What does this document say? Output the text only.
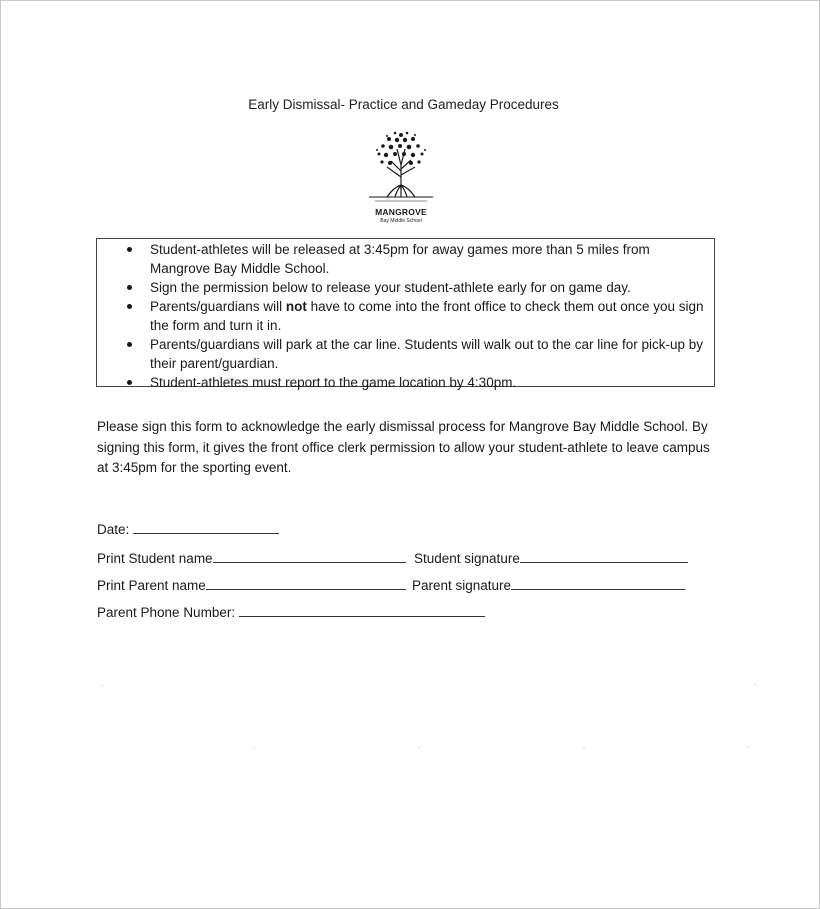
Early Dismissal- Practice and Gameday Procedures
MANGROVE
Bay Middle School
Student-athletes will be released at 3:45pm for away games more than 5 miles from Mangrove Bay Middle School.
Sign the permission below to release your student-athlete early for on game day.
Parents/guardians will not have to come into the front office to check them out once you sign the form and turn it in.
Parents/guardians will park at the car line. Students will walk out to the car line for pick-up by their parent/guardian.
Student-athletes must report to the game location by 4:30pm.
Please sign this form to acknowledge the early dismissal process for Mangrove Bay Middle School. By signing this form, it gives the front office clerk permission to allow your student-athlete to leave campus at 3:45pm for the sporting event.
Date:
Print Student name	Student signature
Print Parent name	Parent signature
Parent Phone Number:
